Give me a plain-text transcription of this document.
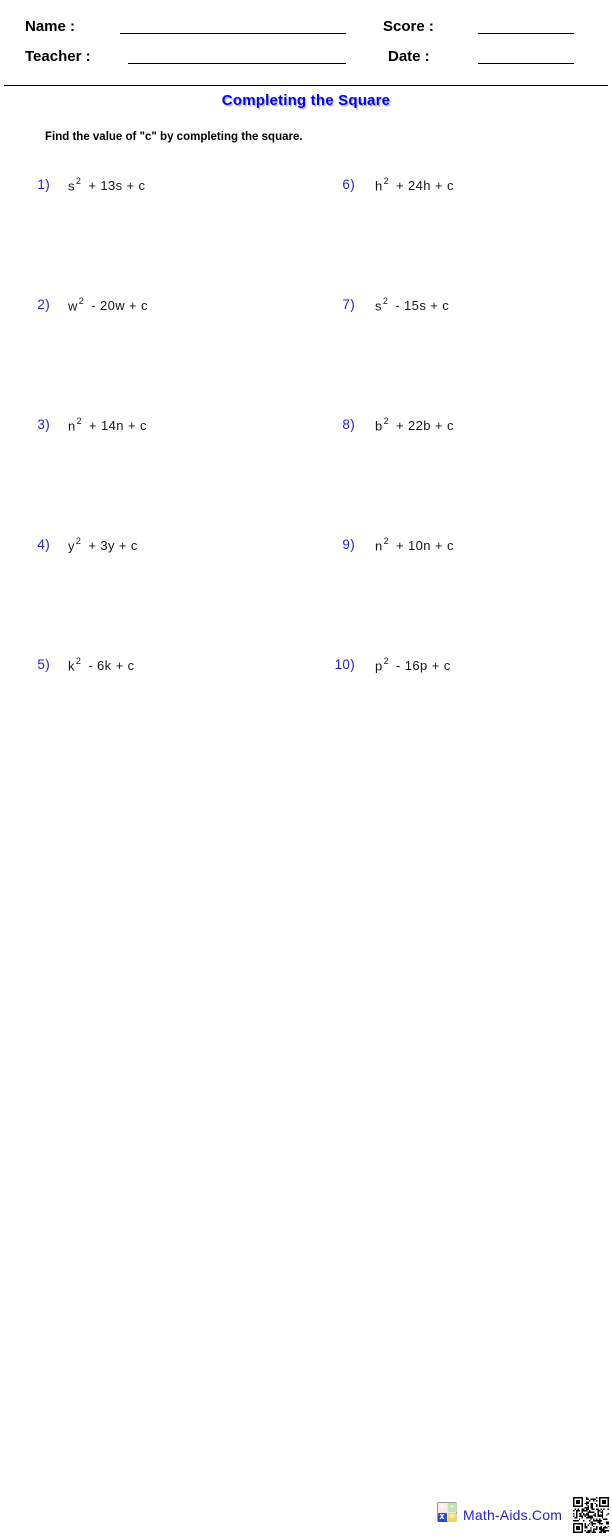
Name :	Score :
Teacher :	Date :
Completing the Square
Find the value of "c" by completing the square.
1) $s^2 + 13s + c$
2) $w^2 - 20w + c$
3) $n^2 + 14n + c$
4) $y^2 + 3y + c$
5) $k^2 - 6k + c$
6) $h^2 + 24h + c$
7) $s^2 - 15s + c$
8) $b^2 + 22b + c$
9) $n^2 + 10n + c$
10) $p^2 - 16p + c$
+ -
x = Math-Aids.Com
